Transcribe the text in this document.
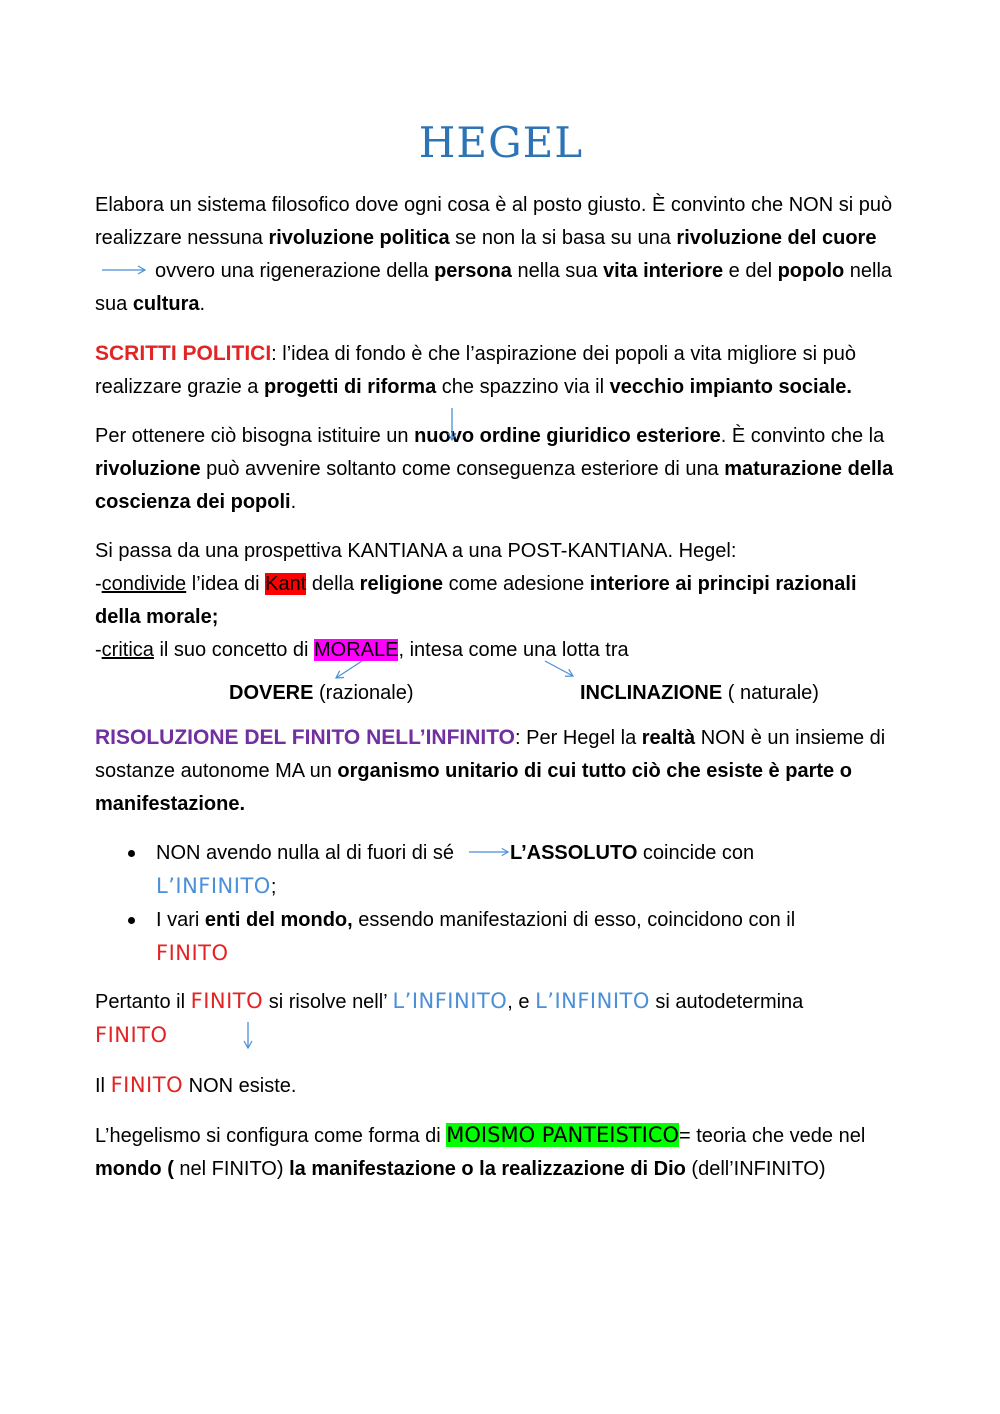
HEGEL

Elabora un sistema filosofico dove ogni cosa è al posto giusto. È convinto che NON si può realizzare nessuna rivoluzione politica se non la si basa su una rivoluzione del cuoreovvero una rigenerazione della persona nella sua vita interiore e del popolo nella sua cultura.

SCRITTI POLITICI: l’idea di fondo è che l’aspirazione dei popoli a vita migliore si può realizzare grazie a progetti di riforma che spazzino via il vecchio impianto sociale.

Per ottenere ciò bisogna istituire un nuovo ordine giuridico esteriore. È convinto che la rivoluzione può avvenire soltanto come conseguenza esteriore di una maturazione della coscienza dei popoli.

Si passa da una prospettiva KANTIANA a una POST-KANTIANA. Hegel:
-condivide l’idea di Kant della religione come adesione interiore ai principi razionali della morale;
-critica il suo concetto di MORALE, intesa come una lotta tra

DOVERE (razionale)	INCLINAZIONE ( naturale)

RISOLUZIONE DEL FINITO NELL’INFINITO: Per Hegel la realtà NON è un insieme di sostanze autonome MA un organismo unitario di cui tutto ciò che esiste è parte o manifestazione.

NON avendo nulla al di fuori di sé	L’ASSOLUTO coincide con
L’INFINITO;
I vari enti del mondo, essendo manifestazioni di esso, coincidono con il
FINITO

Pertanto il FINITO si risolve nell’ L’INFINITO, e L’INFINITO si autodetermina
FINITO

Il FINITO NON esiste.

L’hegelismo si configura come forma di MOISMO PANTEISTICO= teoria che vede nel mondo ( nel FINITO) la manifestazione o la realizzazione di Dio (dell’INFINITO)
